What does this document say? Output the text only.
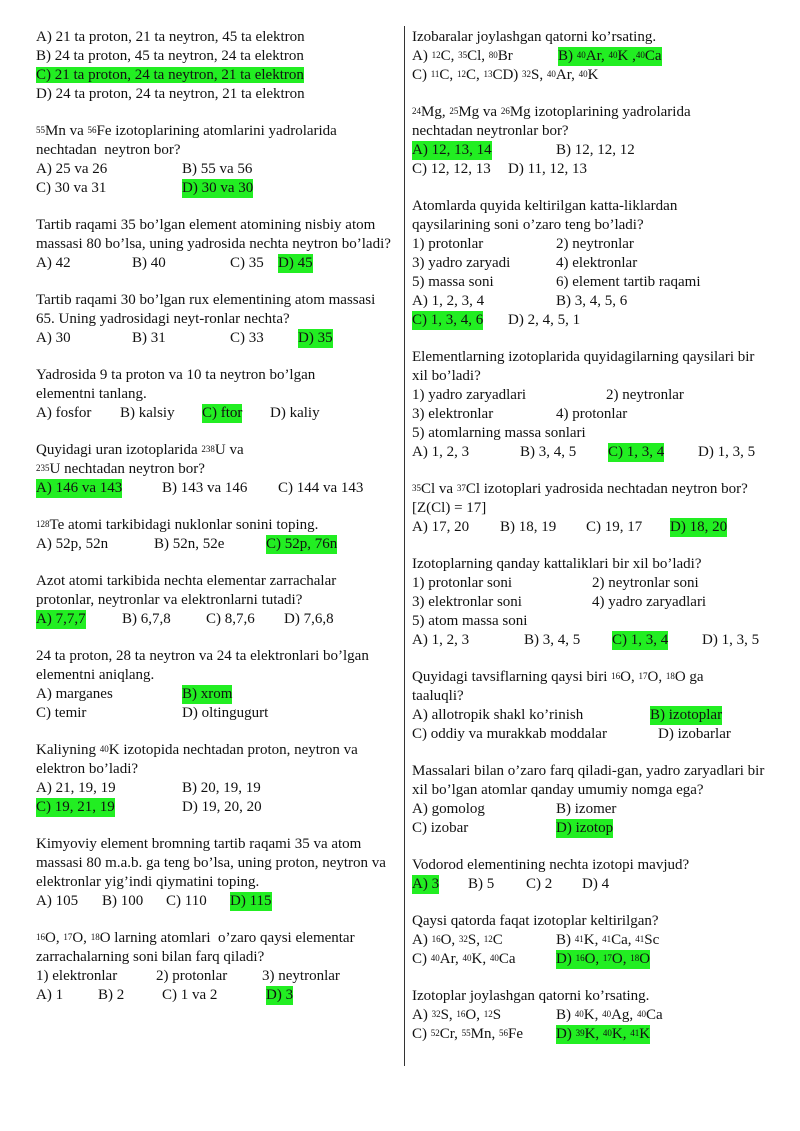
A) 21 ta proton, 21 ta neytron, 45 ta elektron
B) 24 ta proton, 45 ta neytron, 24 ta elektron
C) 21 ta proton, 24 ta neytron, 21 ta elektron
D) 24 ta proton, 24 ta neytron, 21 ta elektron
$^{55}$Mn va $^{56}$Fe izotoplarining atomlarini yadrolarida
nechtadan  neytron bor?
A) 25 va 26	B) 55 va 56
C) 30 va 31	D) 30 va 30
Tartib raqami 35 bo’lgan element atomining nisbiy atom massasi 80 bo’lsa, uning yadrosida nechta neytron bo’ladi?
A) 42	B) 40	C) 35 D) 45
Tartib raqami 30 bo’lgan rux elementining atom massasi 65. Uning yadrosidagi neyt-ronlar nechta?
A) 30	B) 31	C) 33 D) 35
Yadrosida 9 ta proton va 10 ta neytron bo’lgan elementni tanlang.
A) fosfor B) kalsiy C) ftor D) kaliy
Quyidagi uran izotoplarida $^{238}$U va
$^{235}$U nechtadan neytron bor?
A) 146 va 143	B) 143 va 146 C) 144 va 143
$^{128}$Te atomi tarkibidagi nuklonlar sonini toping.
A) 52p, 52n	B) 52n, 52e	C) 52p, 76n
Azot atomi tarkibida nechta elementar zarrachalar protonlar, neytronlar va elektronlarni tutadi?
A) 7,7,7 B) 6,7,8 C) 8,7,6 D) 7,6,8
24 ta proton, 28 ta neytron va 24 ta elektronlari bo’lgan elementni aniqlang.
A) marganes	B) xrom
C) temir	D) oltingugurt
Kaliyning $^{40}$K izotopida nechtadan proton, neytron va
elektron bo’ladi?
A) 21, 19, 19	B) 20, 19, 19
C) 19, 21, 19	D) 19, 20, 20
Kimyoviy element bromning tartib raqami 35 va atom massasi 80 m.a.b. ga teng bo’lsa, uning proton, neytron va elektronlar yig’indi qiymatini toping.
A) 105 B) 100 C) 110 D) 115
$^{16}$O, $^{17}$O, $^{18}$O larning atomlari  o’zaro qaysi elementar
zarrachalarning soni bilan farq qiladi?
1) elektronlar	2) protonlar 3) neytronlar
A) 1 B) 2	C) 1 va 2	D) 3
Izobaralar joylashgan qatorni ko’rsating.
A) $^{12}$C, $^{35}$Cl, $^{80}$Br	B) $^{40}$Ar, $^{40}$K ,$^{40}$Ca
C) $^{11}$C, $^{12}$C, $^{13}$CD) $^{32}$S, $^{40}$Ar, $^{40}$K
$^{24}$Mg, $^{25}$Mg va $^{26}$Mg izotoplarining yadrolarida
nechtadan neytronlar bor?
A) 12, 13, 14	B) 12, 12, 12
C) 12, 12, 13 D) 11, 12, 13
Atomlarda quyida keltirilgan katta-liklardan qaysilarining soni o’zaro teng bo’ladi?
1) protonlar	2) neytronlar
3) yadro zaryadi	4) elektronlar
5) massa soni	6) element tartib raqami
A) 1, 2, 3, 4	B) 3, 4, 5, 6
C) 1, 3, 4, 6 D) 2, 4, 5, 1
Elementlarning izotoplarida quyidagilarning qaysilari bir xil bo’ladi?
1) yadro zaryadlari	2) neytronlar
3) elektronlar	4) protonlar
5) atomlarning massa sonlari
A) 1, 2, 3	B) 3, 4, 5 C) 1, 3, 4 D) 1, 3, 5
$^{35}$Cl va $^{37}$Cl izotoplari yadrosida nechtadan neytron bor?
[Z(Cl) = 17]
A) 17, 20 B) 18, 19 C) 19, 17 D) 18, 20
Izotoplarning qanday kattaliklari bir xil bo’ladi?
1) protonlar soni	2) neytronlar soni
3) elektronlar soni	4) yadro zaryadlari
5) atom massa soni
A) 1, 2, 3	B) 3, 4, 5 C) 1, 3, 4 D) 1, 3, 5
Quyidagi tavsiflarning qaysi biri $^{16}$O, $^{17}$O, $^{18}$O ga
taaluqli?
A) allotropik shakl ko’rinish	B) izotoplar
C) oddiy va murakkab moddalar	D) izobarlar
Massalari bilan o’zaro farq qiladi-gan, yadro zaryadlari bir xil bo’lgan atomlar qanday umumiy nomga ega?
A) gomolog	B) izomer
C) izobar	D) izotop
Vodorod elementining nechta izotopi mavjud?
A) 3 B) 5 C) 2 D) 4
Qaysi qatorda faqat izotoplar keltirilgan?
A) $^{16}$O, $^{32}$S, $^{12}$C	B) $^{41}$K, $^{41}$Ca, $^{41}$Sc
C) $^{40}$Ar, $^{40}$K, $^{40}$Ca	D) $^{16}$O, $^{17}$O, $^{18}$O
Izotoplar joylashgan qatorni ko’rsating.
A) $^{32}$S, $^{16}$O, $^{12}$S	B) $^{40}$K, $^{40}$Ag, $^{40}$Ca
C) $^{52}$Cr, $^{55}$Mn, $^{56}$Fe D) $^{39}$K, $^{40}$K, $^{41}$K
